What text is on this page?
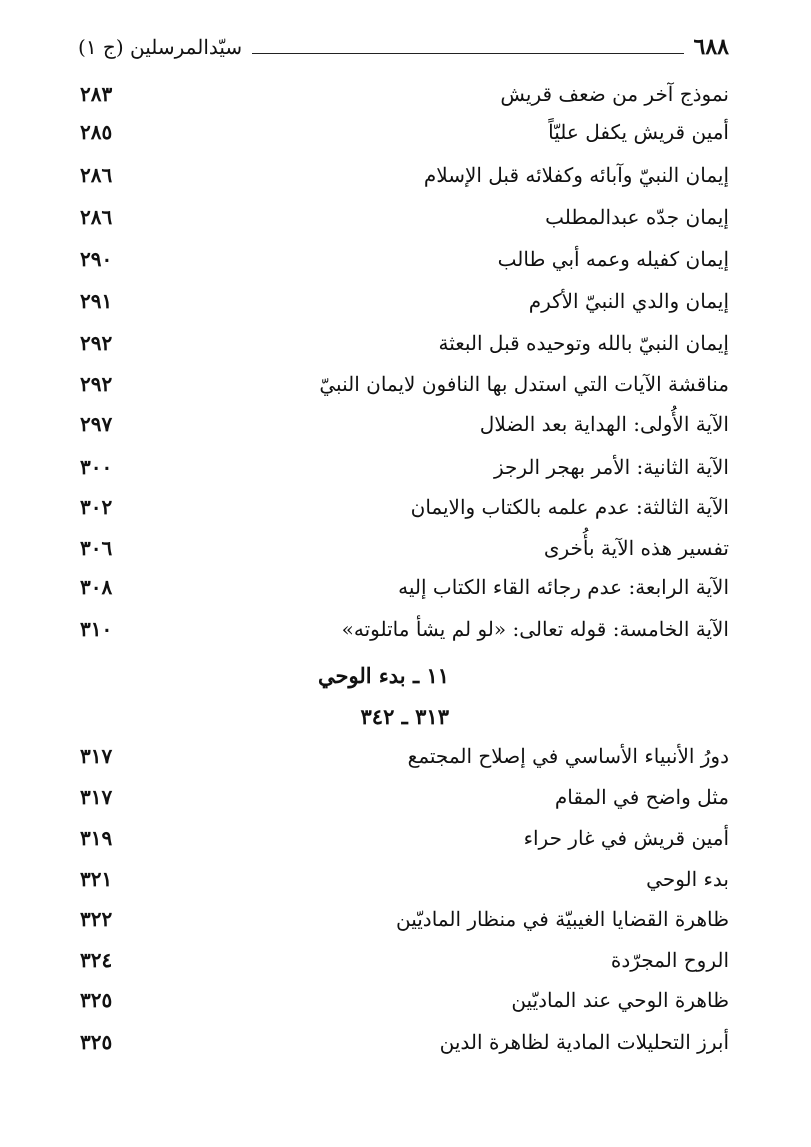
٦٨٨
سيّدالمرسلين (ج ١)
نموذج آخر من ضعف قريش
٢٨٣
أمين قريش يكفل عليّاً
٢٨٥
إيمان النبيّ وآبائه وكفلائه قبل الإسلام
٢٨٦
إيمان جدّه عبدالمطلب
٢٨٦
إيمان كفيله وعمه أبي طالب
٢٩٠
إيمان والدي النبيّ الأكرم
٢٩١
إيمان النبيّ بالله وتوحيده قبل البعثة
٢٩٢
مناقشة الآيات التي استدل بها النافون لايمان النبيّ
٢٩٢
الآية الأُولى: الهداية بعد الضلال
٢٩٧
الآية الثانية: الأمر بهجر الرجز
٣٠٠
الآية الثالثة: عدم علمه بالكتاب والايمان
٣٠٢
تفسير هذه الآية بأُخرى
٣٠٦
الآية الرابعة: عدم رجائه القاء الكتاب إليه
٣٠٨
الآية الخامسة: قوله تعالى: «لو لم يشأ ماتلوته»
٣١٠
١١ ـ بدء الوحي
٣١٣ ـ ٣٤٢
دورُ الأنبياء الأساسي في إصلاح المجتمع
٣١٧
مثل واضح في المقام
٣١٧
أمين قريش في غار حراء
٣١٩
بدء الوحي
٣٢١
ظاهرة القضايا الغيبيّة في منظار الماديّين
٣٢٢
الروح المجرّدة
٣٢٤
ظاهرة الوحي عند الماديّين
٣٢٥
أبرز التحليلات المادية لظاهرة الدين
٣٢٥
